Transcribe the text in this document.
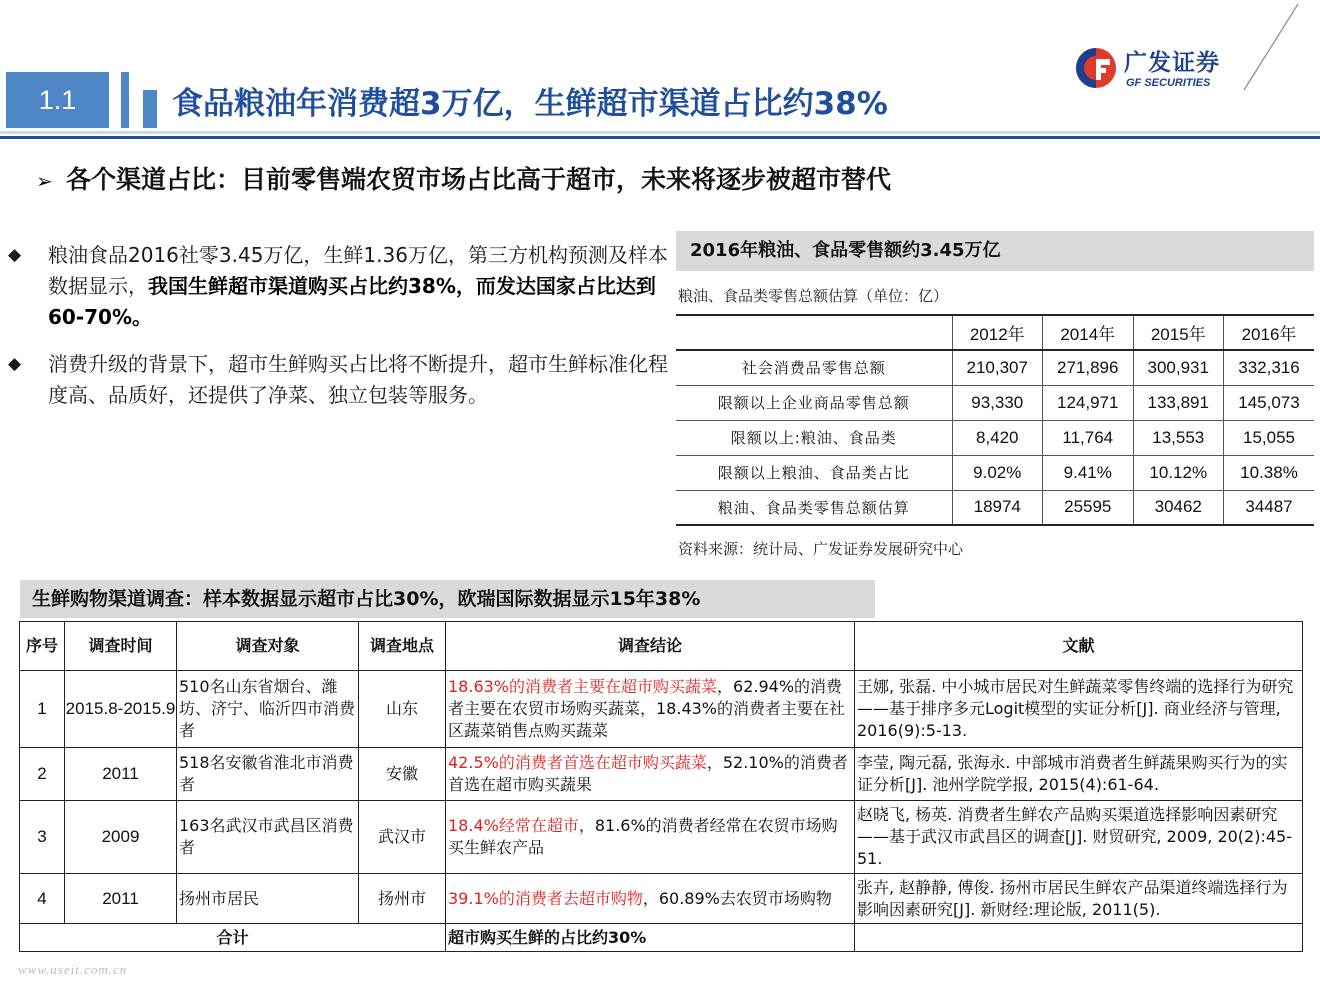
1.1	食品粮油年消费超3万亿，生鲜超市渠道占比约38%
广发证券
GF SECURITIES
➢ 各个渠道占比：目前零售端农贸市场占比高于超市，未来将逐步被超市替代
◆ 粮油食品2016社零3.45万亿，生鲜1.36万亿，第三方机构预测及样本数据显示，我国生鲜超市渠道购买占比约38%，而发达国家占比达到60-70%。
◆ 消费升级的背景下，超市生鲜购买占比将不断提升，超市生鲜标准化程度高、品质好，还提供了净菜、独立包装等服务。
2016年粮油、食品零售额约3.45万亿
粮油、食品类零售总额估算（单位：亿）
	2012年	2014年	2015年	2016年
社会消费品零售总额	210,307	271,896	300,931	332,316
限额以上企业商品零售总额	93,330	124,971	133,891	145,073
限额以上:粮油、食品类	8,420	11,764	13,553	15,055
限额以上粮油、食品类占比	9.02%	9.41%	10.12%	10.38%
粮油、食品类零售总额估算	18974	25595	30462	34487
资料来源：统计局、广发证券发展研究中心
生鲜购物渠道调查：样本数据显示超市占比30%，欧瑞国际数据显示15年38%
序号	调查时间	调查对象	调查地点	调查结论	文献
1	2015.8-2015.9	510名山东省烟台、潍坊、济宁、临沂四市消费者	山东	18.63%的消费者主要在超市购买蔬菜，62.94%的消费者主要在农贸市场购买蔬菜，18.43%的消费者主要在社区蔬菜销售点购买蔬菜	王娜, 张磊. 中小城市居民对生鲜蔬菜零售终端的选择行为研究——基于排序多元Logit模型的实证分析[J]. 商业经济与管理, 2016(9):5-13.
2	2011	518名安徽省淮北市消费者	安徽	42.5%的消费者首选在超市购买蔬菜，52.10%的消费者首选在超市购买蔬果	李莹, 陶元磊, 张海永. 中部城市消费者生鲜蔬果购买行为的实证分析[J]. 池州学院学报, 2015(4):61-64.
3	2009	163名武汉市武昌区消费者	武汉市	18.4%经常在超市，81.6%的消费者经常在农贸市场购买生鲜农产品	赵晓飞, 杨英. 消费者生鲜农产品购买渠道选择影响因素研究——基于武汉市武昌区的调查[J]. 财贸研究, 2009, 20(2):45-51.
4	2011	扬州市居民	扬州市	39.1%的消费者去超市购物，60.89%去农贸市场购物	张卉, 赵静静, 傅俊. 扬州市居民生鲜农产品渠道终端选择行为影响因素研究[J]. 新财经:理论版, 2011(5).
合计				超市购买生鲜的占比约30%	
www.useit.com.cn
